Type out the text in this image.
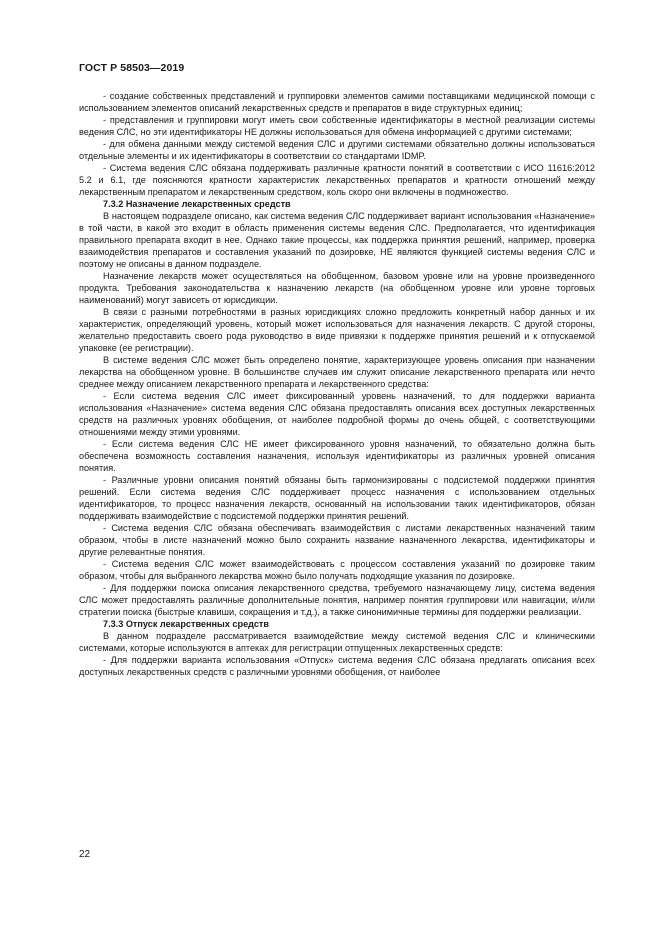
ГОСТ Р 58503—2019

- создание собственных представлений и группировки элементов самими поставщиками медицинской помощи с использованием элементов описаний лекарственных средств и препаратов в виде структурных единиц;

- представления и группировки могут иметь свои собственные идентификаторы в местной реализации системы ведения СЛС, но эти идентификаторы НЕ должны использоваться для обмена информацией с другими системами;

- для обмена данными между системой ведения СЛС и другими системами обязательно должны использоваться отдельные элементы и их идентификаторы в соответствии со стандартами IDMP.

- Система ведения СЛС обязана поддерживать различные кратности понятий в соответствии с ИСО 11616:2012 5.2 и 6.1, где поясняются кратности характеристик лекарственных препаратов и кратности отношений между лекарственным препаратом и лекарственным средством, коль скоро они включены в подмножество.

7.3.2 Назначение лекарственных средств

В настоящем подразделе описано, как система ведения СЛС поддерживает вариант использования «Назначение» в той части, в какой это входит в область применения системы ведения СЛС. Предполагается, что идентификация правильного препарата входит в нее. Однако такие процессы, как поддержка принятия решений, например, проверка взаимодействия препаратов и составления указаний по дозировке, НЕ являются функцией системы ведения СЛС и поэтому не описаны в данном подразделе.

Назначение лекарств может осуществляться на обобщенном, базовом уровне или на уровне произведенного продукта. Требования законодательства к назначению лекарств (на обобщенном уровне или уровне торговых наименований) могут зависеть от юрисдикции.

В связи с разными потребностями в разных юрисдикциях сложно предложить конкретный набор данных и их характеристик, определяющий уровень, который может использоваться для назначения лекарств. С другой стороны, желательно предоставить своего рода руководство в виде привязки к поддержке принятия решений и к отпускаемой упаковке (ее регистрации).

В системе ведения СЛС может быть определено понятие, характеризующее уровень описания при назначении лекарства на обобщенном уровне. В большинстве случаев им служит описание лекарственного препарата или нечто среднее между описанием лекарственного препарата и лекарственного средства:

- Если система ведения СЛС имеет фиксированный уровень назначений, то для поддержки варианта использования «Назначение» система ведения СЛС обязана предоставлять описания всех доступных лекарственных средств на различных уровнях обобщения, от наиболее подробной формы до очень общей, с соответствующими отношениями между этими уровнями.

- Если система ведения СЛС НЕ имеет фиксированного уровня назначений, то обязательно должна быть обеспечена возможность составления назначения, используя идентификаторы из различных уровней описания понятия.

- Различные уровни описания понятий обязаны быть гармонизированы с подсистемой поддержки принятия решений. Если система ведения СЛС поддерживает процесс назначения с использованием отдельных идентификаторов, то процесс назначения лекарств, основанный на использовании таких идентификаторов, обязан поддерживать взаимодействие с подсистемой поддержки принятия решений.

- Система ведения СЛС обязана обеспечивать взаимодействия с листами лекарственных назначений таким образом, чтобы в листе назначений можно было сохранить название назначенного лекарства, идентификаторы и другие релевантные понятия.

- Система ведения СЛС может взаимодействовать с процессом составления указаний по дозировке таким образом, чтобы для выбранного лекарства можно было получать подходящие указания по дозировке.

- Для поддержки поиска описания лекарственного средства, требуемого назначающему лицу, система ведения СЛС может предоставлять различные дополнительные понятия, например понятия группировки или навигации, и/или стратегии поиска (быстрые клавиши, сокращения и т.д.), а также синонимичные термины для поддержки реализации.

7.3.3 Отпуск лекарственных средств

В данном подразделе рассматривается взаимодействие между системой ведения СЛС и клиническими системами, которые используются в аптеках для регистрации отпущенных лекарственных средств:

- Для поддержки варианта использования «Отпуск» система ведения СЛС обязана предлагать описания всех доступных лекарственных средств с различными уровнями обобщения, от наиболее

22
